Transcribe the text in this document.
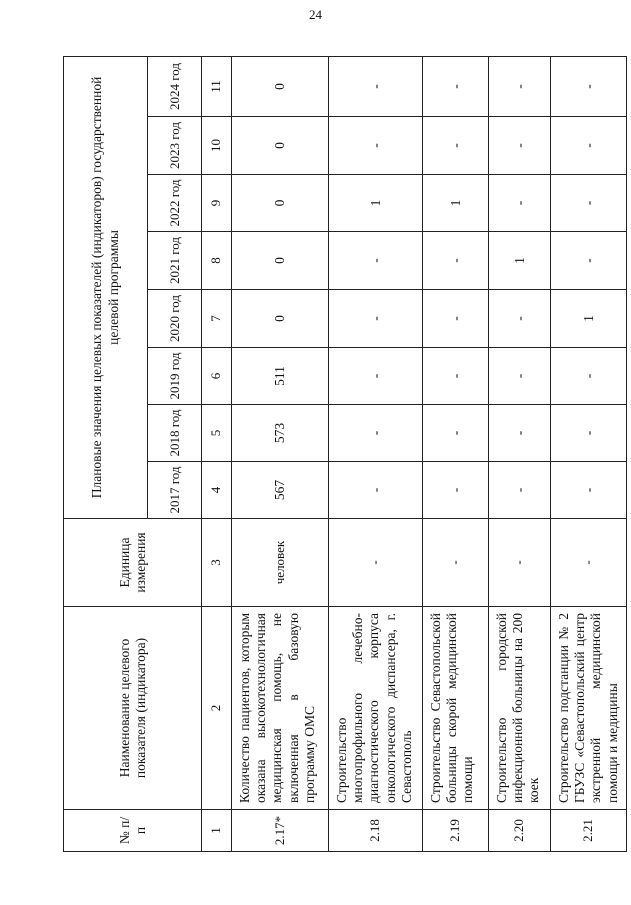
24
№ п/п	Наименование целевого показателя (индикатора)	Единица измерения	Плановые значения целевых показателей (индикаторов) государственной целевой программы							
			2017 год	2018 год	2019 год	2020 год	2021 год	2022 год	2023 год	2024 год
1	2	3	4	5	6	7	8	9	10	11
2.17*	Количество пациентов, которым оказана высокотехнологичная медицинская помощь, не включенная в базовую программу ОМС	человек	567	573	511	0	0	0	0	0
2.18	Строительство многопрофильного лечебно-диагностического корпуса онкологического диспансера, г. Севастополь	-	-	-	-	-	-	1	-	-
2.19	Строительство Севастопольской больницы скорой медицинской помощи	-	-	-	-	-	-	1	-	-
2.20	Строительство городской инфекционной больницы на 200 коек	-	-	-	-	-	1	-	-	-
2.21	Строительство подстанции № 2 ГБУЗС «Севастопольский центр экстренной медицинской помощи и медицины	-	-	-	-	1	-	-	-	-
